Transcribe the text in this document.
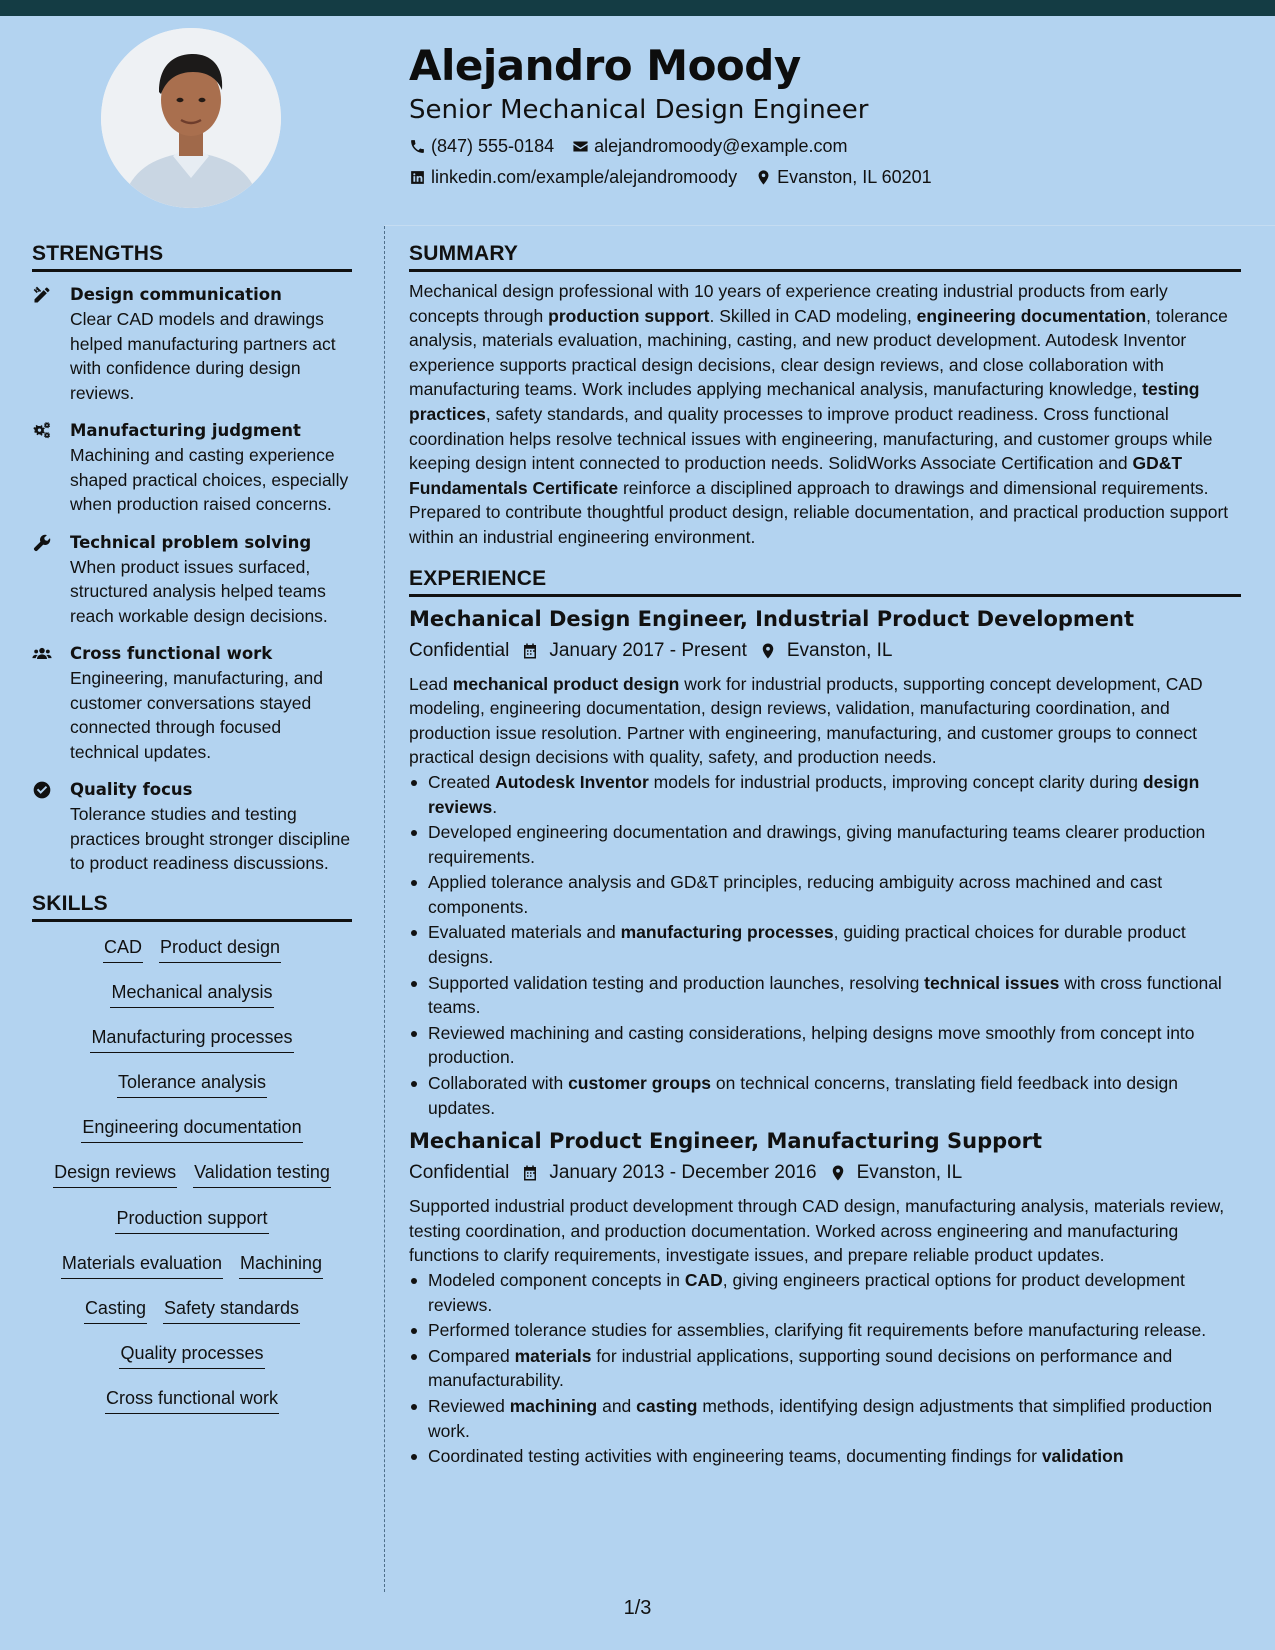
Alejandro Moody
Senior Mechanical Design Engineer
(847) 555-0184 alejandromoody@example.com
linkedin.com/example/alejandromoody Evanston, IL 60201
STRENGTHS
Design communication
Clear CAD models and drawings helped manufacturing partners act with confidence during design reviews.
Manufacturing judgment
Machining and casting experience shaped practical choices, especially when production raised concerns.
Technical problem solving
When product issues surfaced, structured analysis helped teams reach workable design decisions.
Cross functional work
Engineering, manufacturing, and customer conversations stayed connected through focused technical updates.
Quality focus
Tolerance studies and testing practices brought stronger discipline to product readiness discussions.
SKILLS
CAD Product design
Mechanical analysis
Manufacturing processes
Tolerance analysis
Engineering documentation
Design reviews Validation testing
Production support
Materials evaluation Machining
Casting Safety standards
Quality processes
Cross functional work
SUMMARY
Mechanical design professional with 10 years of experience creating industrial products from early concepts through production support. Skilled in CAD modeling, engineering documentation, tolerance analysis, materials evaluation, machining, casting, and new product development. Autodesk Inventor experience supports practical design decisions, clear design reviews, and close collaboration with manufacturing teams. Work includes applying mechanical analysis, manufacturing knowledge, testing practices, safety standards, and quality processes to improve product readiness. Cross functional coordination helps resolve technical issues with engineering, manufacturing, and customer groups while keeping design intent connected to production needs. SolidWorks Associate Certification and GD&T Fundamentals Certificate reinforce a disciplined approach to drawings and dimensional requirements. Prepared to contribute thoughtful product design, reliable documentation, and practical production support within an industrial engineering environment.
EXPERIENCE
Mechanical Design Engineer, Industrial Product Development
Confidential January 2017 - Present Evanston, IL
Lead mechanical product design work for industrial products, supporting concept development, CAD modeling, engineering documentation, design reviews, validation, manufacturing coordination, and production issue resolution. Partner with engineering, manufacturing, and customer groups to connect practical design decisions with quality, safety, and production needs.
Created Autodesk Inventor models for industrial products, improving concept clarity during design reviews.
Developed engineering documentation and drawings, giving manufacturing teams clearer production requirements.
Applied tolerance analysis and GD&T principles, reducing ambiguity across machined and cast components.
Evaluated materials and manufacturing processes, guiding practical choices for durable product designs.
Supported validation testing and production launches, resolving technical issues with cross functional teams.
Reviewed machining and casting considerations, helping designs move smoothly from concept into production.
Collaborated with customer groups on technical concerns, translating field feedback into design updates.
Mechanical Product Engineer, Manufacturing Support
Confidential January 2013 - December 2016 Evanston, IL
Supported industrial product development through CAD design, manufacturing analysis, materials review, testing coordination, and production documentation. Worked across engineering and manufacturing functions to clarify requirements, investigate issues, and prepare reliable product updates.
Modeled component concepts in CAD, giving engineers practical options for product development reviews.
Performed tolerance studies for assemblies, clarifying fit requirements before manufacturing release.
Compared materials for industrial applications, supporting sound decisions on performance and manufacturability.
Reviewed machining and casting methods, identifying design adjustments that simplified production work.
Coordinated testing activities with engineering teams, documenting findings for validation
1/3
